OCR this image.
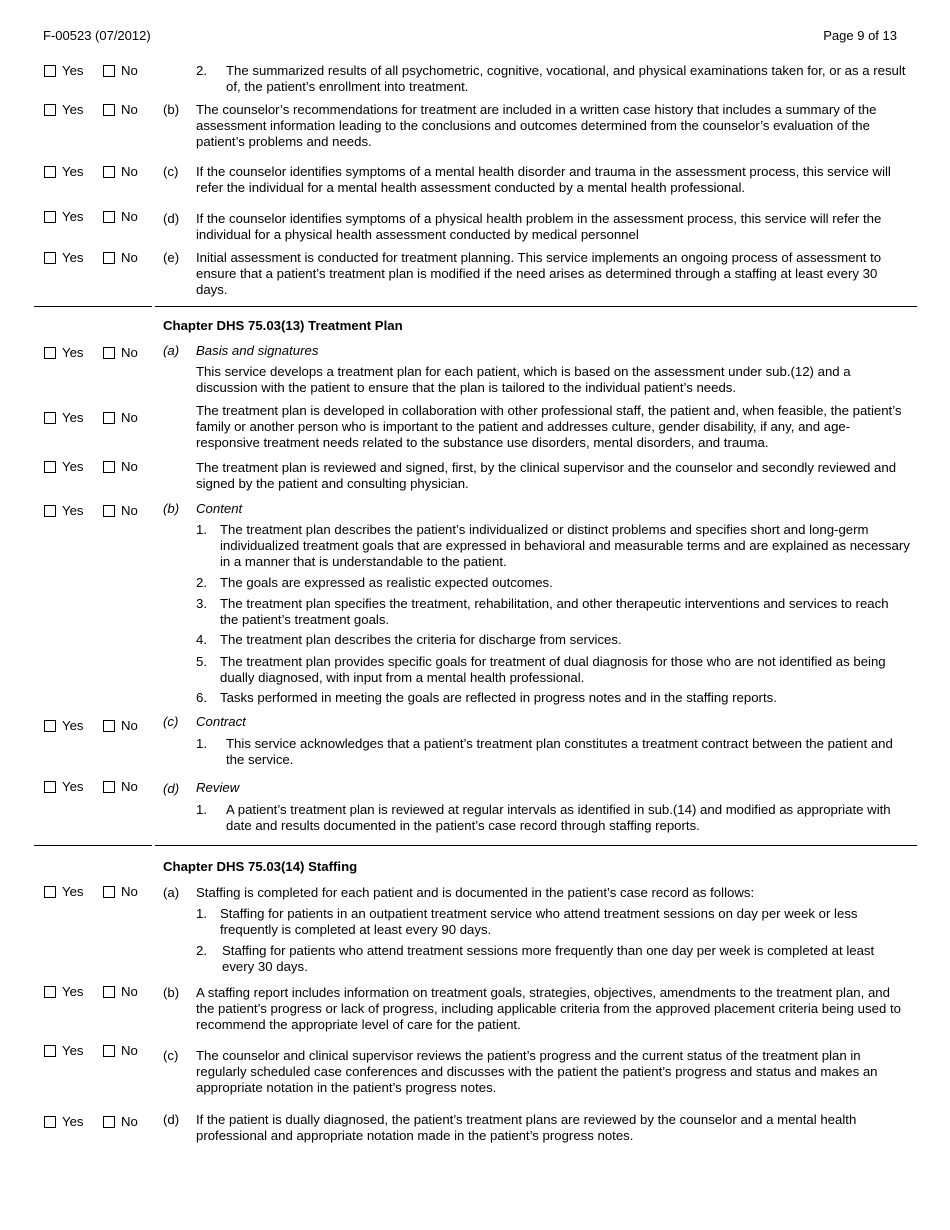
F-00523 (07/2012)	Page 9 of 13
Yes	No	2.	The summarized results of all psychometric, cognitive, vocational, and physical examinations taken for, or as a result of, the patient’s enrollment into treatment.
Yes	No (b) The counselor’s recommendations for treatment are included in a written case history that includes a summary of the assessment information leading to the conclusions and outcomes determined from the counselor’s evaluation of the patient’s problems and needs.
Yes	No (c) If the counselor identifies symptoms of a mental health disorder and trauma in the assessment process, this service will refer the individual for a mental health assessment conducted by a mental health professional.
Yes	No (d) If the counselor identifies symptoms of a physical health problem in the assessment process, this service will refer the individual for a physical health assessment conducted by medical personnel
Yes	No (e) Initial assessment is conducted for treatment planning. This service implements an ongoing process of assessment to ensure that a patient’s treatment plan is modified if the need arises as determined through a staffing at least every 30 days.
Chapter DHS 75.03(13) Treatment Plan
Yes	No (a) Basis and signatures
This service develops a treatment plan for each patient, which is based on the assessment under sub.(12) and a discussion with the patient to ensure that the plan is tailored to the individual patient’s needs.
Yes	No	The treatment plan is developed in collaboration with other professional staff, the patient and, when feasible, the patient’s family or another person who is important to the patient and addresses culture, gender disability, if any, and age-responsive treatment needs related to the substance use disorders, mental disorders, and trauma.
Yes	No	The treatment plan is reviewed and signed, first, by the clinical supervisor and the counselor and secondly reviewed and signed by the patient and consulting physician.
Yes	No (b) Content
1. The treatment plan describes the patient’s individualized or distinct problems and specifies short and long-germ individualized treatment goals that are expressed in behavioral and measurable terms and are explained as necessary in a manner that is understandable to the patient.
2. The goals are expressed as realistic expected outcomes.
3. The treatment plan specifies the treatment, rehabilitation, and other therapeutic interventions and services to reach the patient’s treatment goals.
4. The treatment plan describes the criteria for discharge from services.
5. The treatment plan provides specific goals for treatment of dual diagnosis for those who are not identified as being dually diagnosed, with input from a mental health professional.
6. Tasks performed in meeting the goals are reflected in progress notes and in the staffing reports.
Yes	No (c) Contract
1.	This service acknowledges that a patient’s treatment plan constitutes a treatment contract between the patient and the service.
Yes	No (d) Review
1.	A patient’s treatment plan is reviewed at regular intervals as identified in sub.(14) and modified as appropriate with date and results documented in the patient’s case record through staffing reports.
Chapter DHS 75.03(14) Staffing
Yes	No (a) Staffing is completed for each patient and is documented in the patient’s case record as follows:
1. Staffing for patients in an outpatient treatment service who attend treatment sessions on day per week or less frequently is completed at least every 90 days.
2.	Staffing for patients who attend treatment sessions more frequently than one day per week is completed at least every 30 days.
Yes	No (b) A staffing report includes information on treatment goals, strategies, objectives, amendments to the treatment plan, and the patient’s progress or lack of progress, including applicable criteria from the approved placement criteria being used to recommend the appropriate level of care for the patient.
Yes	No (c) The counselor and clinical supervisor reviews the patient’s progress and the current status of the treatment plan in regularly scheduled case conferences and discusses with the patient the patient’s progress and status and makes an appropriate notation in the patient’s progress notes.
Yes	No (d) If the patient is dually diagnosed, the patient’s treatment plans are reviewed by the counselor and a mental health professional and appropriate notation made in the patient’s progress notes.
